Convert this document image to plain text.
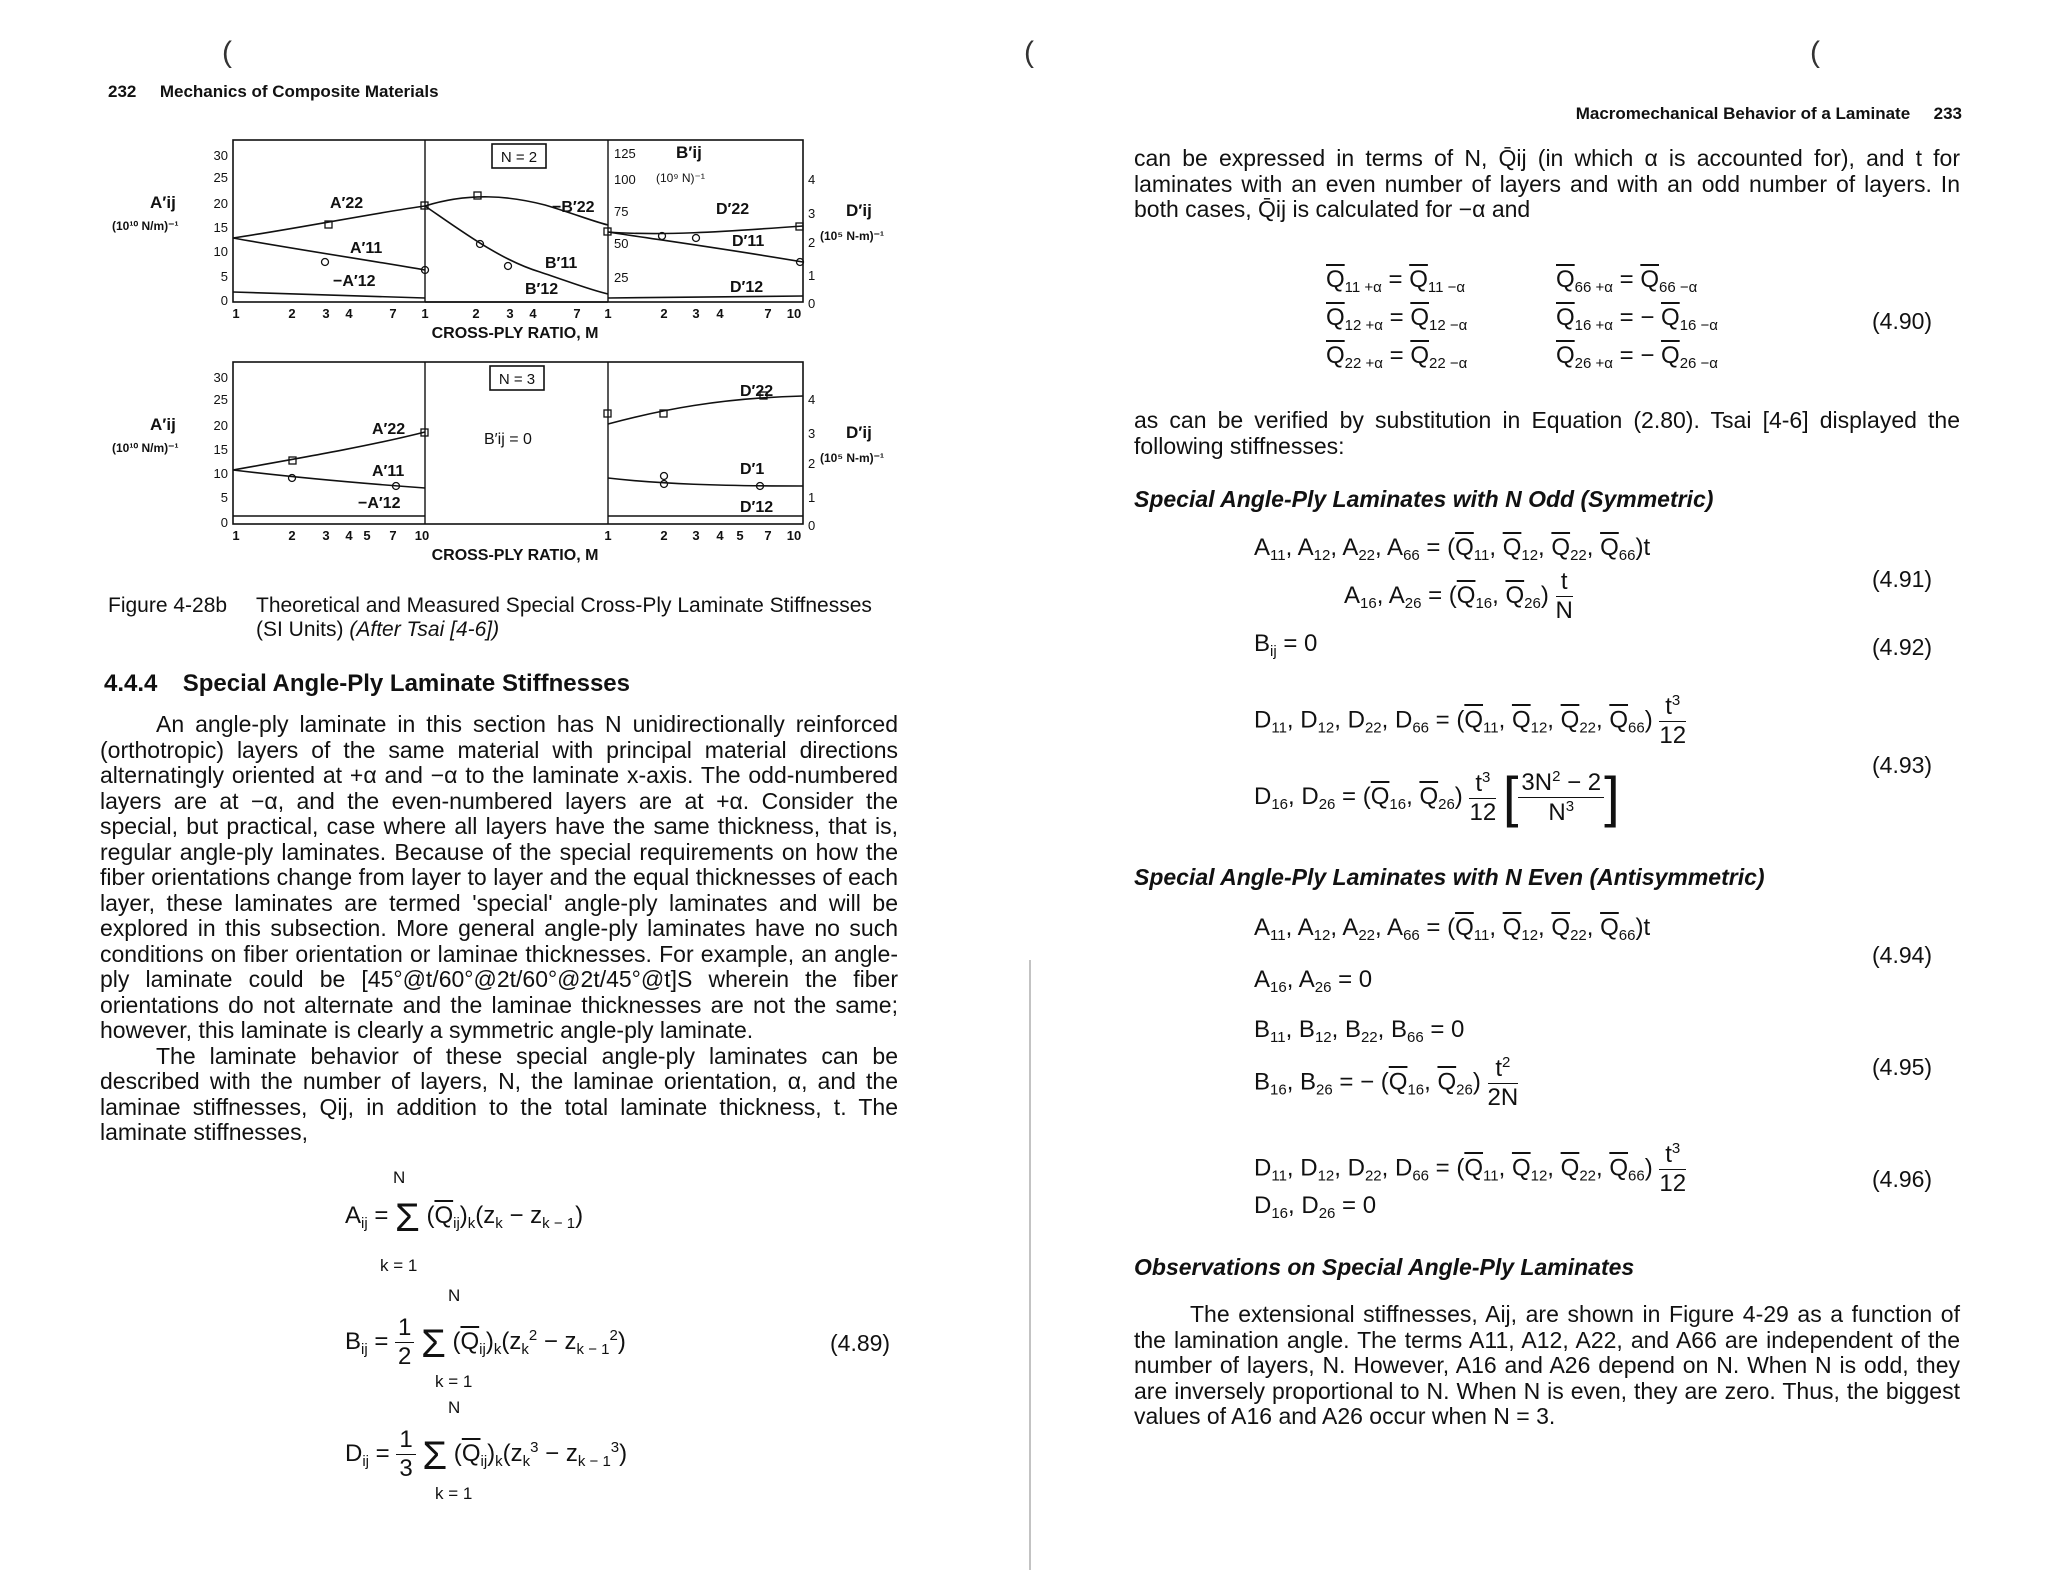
(
232 Mechanics of Composite Materials
N = 2
30
25
20
15
10
5
0
A′ij
(10¹⁰ N/m)⁻¹
125
100
75
50
25
B′ij
(10⁹ N)⁻¹	4
3
2
1
0
D′ij
(10⁵ N-m)⁻¹
1	2 3 4	7 1	2 3 4	7 1	2 3 4	7 10
CROSS-PLY RATIO, M
A′22
A′11
−A′12
−B′22
B′11
B′12
D′22
D′11
D′12
N = 3
B′ij = 0
30
25
20
15
10
5
0
A′ij
(10¹⁰ N/m)⁻¹
4
3
2
1
0
D′ij
(10⁵ N-m)⁻¹
1	2 3 4 5 7 10	1	2 3 4 5 7 10
CROSS-PLY RATIO, M
A′22
A′11
−A′12
D′22
D′1
D′12
Figure 4-28b Theoretical and Measured Special Cross-Ply Laminate Stiffnesses
(SI Units) (After Tsai [4-6])
4.4.4 Special Angle-Ply Laminate Stiffnesses

An angle-ply laminate in this section has N unidirectionally reinforced (orthotropic) layers of the same material with principal material directions alternatingly oriented at +α and −α to the laminate x-axis. The odd-numbered layers are at −α, and the even-numbered layers are at +α. Consider the special, but practical, case where all layers have the same thickness, that is, regular angle-ply laminates. Because of the special requirements on how the fiber orientations change from layer to layer and the equal thicknesses of each layer, these laminates are termed 'special' angle-ply laminates and will be explored in this subsection. More general angle-ply laminates have no such conditions on fiber orientation or laminae thicknesses. For example, an angle-ply laminate could be [45°@t/60°@2t/60°@2t/45°@t]S wherein the fiber orientations do not alternate and the laminae thicknesses are not the same; however, this laminate is clearly a symmetric angle-ply laminate.

The laminate behavior of these special angle-ply laminates can be described with the number of layers, N, the laminae orientation, α, and the laminae stiffnesses, Qij, in addition to the total laminate thickness, t. The laminate stiffnesses,

$A_{ij} = \Sigma$ $(\overline{Q}_{ij})_k(z_k - z_{k - 1})$
N
k = 1
$B_{ij} = \frac{1}{2}$ Σ $(\overline{Q}_{ij})_k(z_k^2 - z_{k - 1}^2)$
N
k = 1
N
$D_{ij} = \frac{1}{3}$ Σ $(\overline{Q}_{ij})_k(z_k^3 - z_{k - 1}^3)$
k = 1
(4.89)
(	(
Macromechanical Behavior of a Laminate 233
can be expressed in terms of N, Q̄ij (in which α is accounted for), and t for laminates with an even number of layers and with an odd number of layers. In both cases, Q̄ij is calculated for −α and
$\overline{Q}_{11 +\alpha} = \overline{Q}_{11 -\alpha}$
$\overline{Q}_{12 +\alpha} = \overline{Q}_{12 -\alpha}$
$\overline{Q}_{22 +\alpha} = \overline{Q}_{22 -\alpha}$
$\overline{Q}_{66 +\alpha} = \overline{Q}_{66 -\alpha}$
$\overline{Q}_{16 +\alpha}$ = − $\overline{Q}_{16 -\alpha}$
$\overline{Q}_{26 +\alpha}$ = − $\overline{Q}_{26 -\alpha}$
(4.90)
as can be verified by substitution in Equation (2.80). Tsai [4-6] displayed the following stiffnesses:
Special Angle-Ply Laminates with N Odd (Symmetric)
$A_{11}$, $A_{12}$, $A_{22}$, $A_{66} = (\overline{Q}_{11}$, $\overline{Q}_{12}$, $\overline{Q}_{22}$, $\overline{Q}_{66})t$
$A_{16}$, $A_{26} = (\overline{Q}_{16}$, $\overline{Q}_{26}) \frac{t}{N}$	(4.91)
$B_{ij} = 0$	(4.92)
$D_{11}$, $D_{12}$, $D_{22}$, $D_{66} = (\overline{Q}_{11}$, $\overline{Q}_{12}$, $\overline{Q}_{22}$, $\overline{Q}_{66}) \frac{t^3}{12}$
$D_{16}$, $D_{26} = (\overline{Q}_{16}$, $\overline{Q}_{26}) \frac{t^3}{12}$ [ $\frac{3N^2 - 2}{N^3}$ ]	(4.93)
Special Angle-Ply Laminates with N Even (Antisymmetric)
$A_{11}$, $A_{12}$, $A_{22}$, $A_{66} = (\overline{Q}_{11}$, $\overline{Q}_{12}$, $\overline{Q}_{22}$, $\overline{Q}_{66})t$
$A_{16}$, $A_{26} = 0$
(4.94)
$B_{11}$, $B_{12}$, $B_{22}$, $B_{66} = 0$
$B_{16}$, $B_{26}$ = − ($\overline{Q}_{16}$, $\overline{Q}_{26}) \frac{t^2}{2N}$	(4.95)
$D_{11}$, $D_{12}$, $D_{22}$, $D_{66} = (\overline{Q}_{11}$, $\overline{Q}_{12}$, $\overline{Q}_{22}$, $\overline{Q}_{66}) \frac{t^3}{12}$
$D_{16}$, $D_{26} = 0$
(4.96)
Observations on Special Angle-Ply Laminates

The extensional stiffnesses, Aij, are shown in Figure 4-29 as a function of the lamination angle. The terms A11, A12, A22, and A66 are independent of the number of layers, N. However, A16 and A26 depend on N. When N is odd, they are inversely proportional to N. When N is even, they are zero. Thus, the biggest values of A16 and A26 occur when N = 3.
